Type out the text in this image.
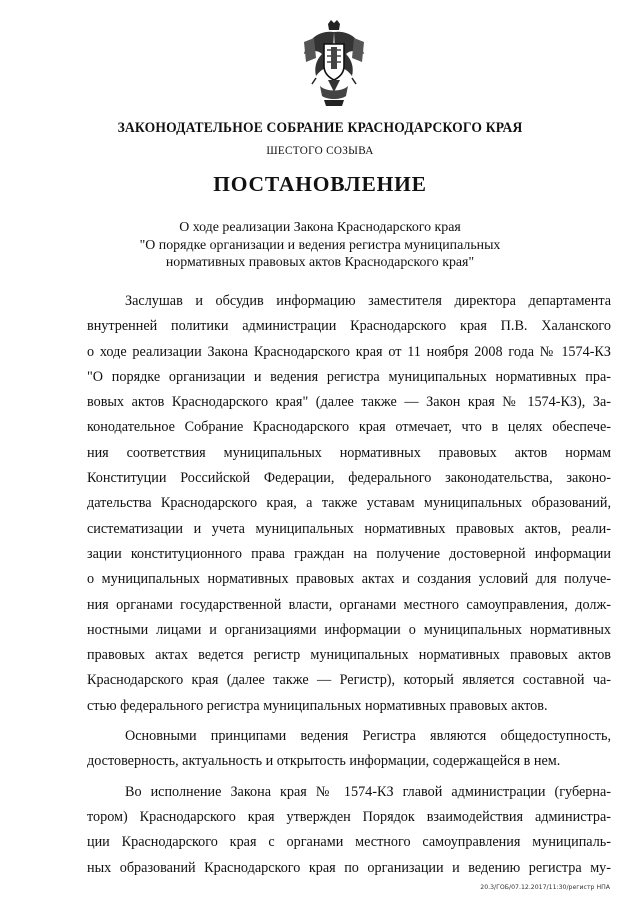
ЗАКОНОДАТЕЛЬНОЕ СОБРАНИЕ КРАСНОДАРСКОГО КРАЯ
ШЕСТОГО СОЗЫВА
ПОСТАНОВЛЕНИЕ
О ходе реализации Закона Краснодарского края
"О порядке организации и ведения регистра муниципальных
нормативных правовых актов Краснодарского края"
Заслушав и обсудив информацию заместителя директора департамента
внутренней политики администрации Краснодарского края П.В. Халанского
о ходе реализации Закона Краснодарского края от 11 ноября 2008 года № 1574-КЗ
"О порядке организации и ведения регистра муниципальных нормативных пра-
вовых актов Краснодарского края" (далее также — Закон края № 1574-КЗ), За-
конодательное Собрание Краснодарского края отмечает, что в целях обеспече-
ния соответствия муниципальных нормативных правовых актов нормам
Конституции Российской Федерации, федерального законодательства, законо-
дательства Краснодарского края, а также уставам муниципальных образований,
систематизации и учета муниципальных нормативных правовых актов, реали-
зации конституционного права граждан на получение достоверной информации
о муниципальных нормативных правовых актах и создания условий для получе-
ния органами государственной власти, органами местного самоуправления, долж-
ностными лицами и организациями информации о муниципальных нормативных
правовых актах ведется регистр муниципальных нормативных правовых актов
Краснодарского края (далее также — Регистр), который является составной ча-
стью федерального регистра муниципальных нормативных правовых актов.
Основными принципами ведения Регистра являются общедоступность,
достоверность, актуальность и открытость информации, содержащейся в нем.
Во исполнение Закона края № 1574-КЗ главой администрации (губерна-
тором) Краснодарского края утвержден Порядок взаимодействия администра-
ции Краснодарского края с органами местного самоуправления муниципаль-
ных образований Краснодарского края по организации и ведению регистра му-
20.3/ГОБ/07.12.2017/11:30/регистр НПА
